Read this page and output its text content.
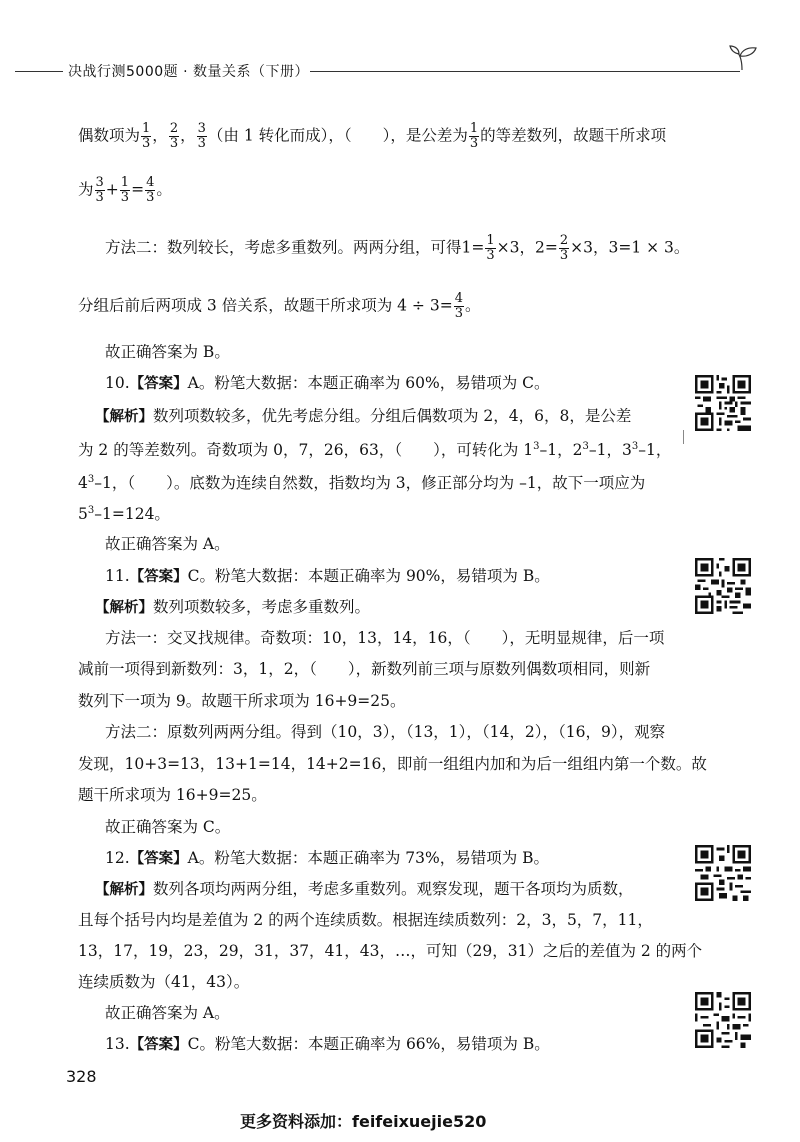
决战行测5000题 · 数量关系（下册）
偶数项为 $\frac{1}{3}$ ， $\frac{2}{3}$ ， $\frac{3}{3}$ （由 1 转化而成），（　　），是公差为 $\frac{1}{3}$ 的等差数列，故题干所求项
为 $\frac{3}{3} + \frac{1}{3} = \frac{4}{3}$ 。
方法二：数列较长，考虑多重数列。两两分组，可得$1= \frac{1}{3} \times 3$，$2= \frac{2}{3} \times 3$，3=1 × 3。
分组后前后两项成 3 倍关系，故题干所求项为 $4 \div 3= \frac{4}{3}$ 。
故正确答案为 B。
10.【答案】A。粉笔大数据：本题正确率为 60%，易错项为 C。
【解析】数列项数较多，优先考虑分组。分组后偶数项为 2，4，6，8，是公差
为 2 的等差数列。奇数项为 0，7，26，63，（　　），可转化为 $1^3-1$，$2^3-1$，$3^3-1$，
$4^3-1$，（　　）。底数为连续自然数，指数均为 3，修正部分均为 –1，故下一项应为
$5^3-1=124$。
故正确答案为 A。
11.【答案】C。粉笔大数据：本题正确率为 90%，易错项为 B。
【解析】数列项数较多，考虑多重数列。
方法一：交叉找规律。奇数项：10，13，14，16，（　　），无明显规律，后一项
减前一项得到新数列：3，1，2，（　　），新数列前三项与原数列偶数项相同，则新
数列下一项为 9。故题干所求项为 16+9=25。
方法二：原数列两两分组。得到（10，3），（13，1），（14，2），（16，9），观察
发现，10+3=13，13+1=14，14+2=16，即前一组组内加和为后一组组内第一个数。故
题干所求项为 16+9=25。
故正确答案为 C。
12.【答案】A。粉笔大数据：本题正确率为 73%，易错项为 B。
【解析】数列各项均两两分组，考虑多重数列。观察发现，题干各项均为质数，
且每个括号内均是差值为 2 的两个连续质数。根据连续质数列：2，3，5，7，11，
13，17，19，23，29，31，37，41，43，…，可知（29，31）之后的差值为 2 的两个
连续质数为（41，43）。
故正确答案为 A。
13.【答案】C。粉笔大数据：本题正确率为 66%，易错项为 B。
328
更多资料添加：feifeixuejie520
